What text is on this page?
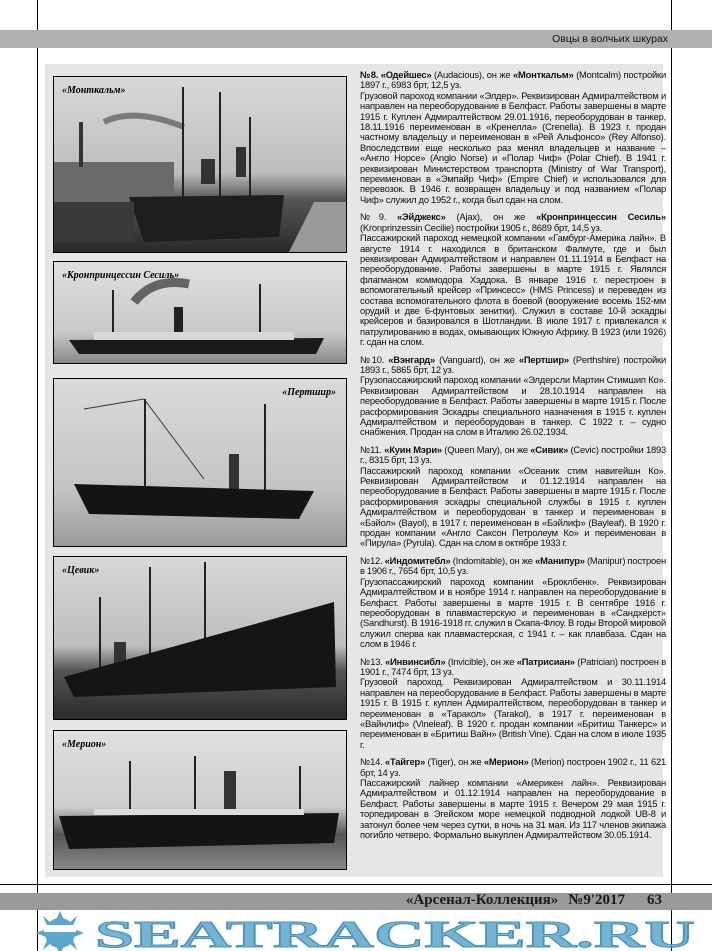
Овцы в волчьих шкурах
«Монткальм»
«Кронпринцессин Сесиль»
«Пертшир»
«Цевик»
«Мерион»

№8. «Одейшес» (Audacious), он же «Монткальм» (Montcalm) постройки 1897 г., 6983 брт, 12,5 уз.

Грузовой пароход компании «Элдер». Реквизирован Адмиралтейством и направлен на переоборудование в Белфаст. Работы завершены в марте 1915 г. Куплен Адмиралтейством 29.01.1916, переоборудован в танкер, 18.11.1916 переименован в «Кренелла» (Crenella). В 1923 г. продан частному владельцу и переименован в «Рей Альфонсо» (Rey Alfonso). Впоследствии еще несколько раз менял владельцев и название – «Англо Норсе» (Anglo Norse) и «Полар Чиф» (Polar Chief). В 1941 г. реквизирован Министерством транспорта (Ministry of War Transport), переименован в «Эмпайр Чиф» (Empire Chief) и использовался для перевозок. В 1946 г. возвращен владельцу и под названием «Полар Чиф» служил до 1952 г., когда был сдан на слом.

№9. «Эйджекс» (Ajax), он же «Кронпринцессин Сесиль» (Kronprinzessin Cecilie) постройки 1905 г., 8689 брт, 14,5 уз.

Пассажирский пароход немецкой компании «Гамбург-Америка лайн». В августе 1914 г. находился в британском Фалмуте, где и был реквизирован Адмиралтейством и направлен 01.11.1914 в Белфаст на переоборудование. Работы завершены в марте 1915 г. Являлся флагманом коммодора Хэддока. В январе 1916 г. перестроен в вспомогательный крейсер «Принсесс» (HMS Princess) и переведен из состава вспомогательного флота в боевой (вооружение восемь 152-мм орудий и две 6-фунтовых зенитки). Служил в составе 10-й эскадры крейсеров и базировался в Шотландии. В июле 1917 г. привлекался к патрулированию в водах, омывающих Южную Африку. В 1923 (или 1926) г. сдан на слом.

№10. «Вэнгард» (Vanguard), он же «Пертшир» (Perthshire) постройки 1893 г., 5865 брт, 12 уз.

Грузопассажирский пароход компании «Элдерсли Мартин Стимшип Ко». Реквизирован Адмиралтейством и 28.10.1914 направлен на переоборудование в Белфаст. Работы завершены в марте 1915 г. После расформирования Эскадры специального назначения в 1915 г. куплен Адмиралтейством и переоборудован в танкер. С 1922 г. – судно снабжения. Продан на слом в Италию 26.02.1934.

№11. «Куин Мэри» (Queen Mary), он же «Сивик» (Cevic) постройки 1893 г., 8315 брт, 13 уз.

Пассажирский пароход компании «Осеаник стим навигейшн Ко». Реквизирован Адмиралтейством и 01.12.1914 направлен на переоборудование в Белфаст. Работы завершены в марте 1915 г. После расформирования эскадры специальной службы в 1915 г. куплен Адмиралтейством и переоборудован в танкер и переименован в «Бэйол» (Bayol), в 1917 г. переименован в «Бэйлиф» (Bayleaf). В 1920 г. продан компании «Англо Саксон Петролеум Ко» и переименован в «Пирула» (Pyrula). Сдан на слом в октябре 1933 г.

№12. «Индомитебл» (Indomitable), он же «Манипур» (Manipur) построен в 1906 г., 7654 брт, 10,5 уз.

Грузопассажирский пароход компании «Броклбенк». Реквизирован Адмиралтейством и в ноябре 1914 г. направлен на переоборудование в Белфаст. Работы завершены в марте 1915 г. В сентябре 1916 г. переоборудован в плавмастерскую и переименован в «Сандхерст» (Sandhurst). В 1916-1918 гг. служил в Скапа-Флоу. В годы Второй мировой служил сперва как плавмастерская, с 1941 г. – как плавбаза. Сдан на слом в 1946 г.

№13. «Инвинсибл» (Invicible), он же «Патрисиан» (Patrician) построен в 1901 г., 7474 брт, 13 уз.

Грузовой пароход. Реквизирован Адмиралтейством и 30.11.1914 направлен на переоборудование в Белфаст. Работы завершены в марте 1915 г. В 1915 г. куплен Адмиралтейством, переоборудован в танкер и переименован в «Таракол» (Tarakol), в 1917 г. переименован в «Вайнлиф» (Vineleaf). В 1920 г. продан компании «Бритиш Танкерс» и переименован в «Бритиш Вайн» (British Vine). Сдан на слом в июле 1935 г.

№14. «Тайгер» (Tiger), он же «Мерион» (Merion) построен 1902 г., 11 621 брт, 14 уз.

Пассажирский лайнер компании «Америкен лайн». Реквизирован Адмиралтейством и 01.12.1914 направлен на переоборудование в Белфаст. Работы завершены в марте 1915 г. Вечером 29 мая 1915 г. торпедирован в Эгейском море немецкой подводной лодкой UB-8 и затонул более чем через сутки, в ночь на 31 мая. Из 117 членов экипажа погибло четверо. Формально выкуплен Адмиралтейством 30.05.1914.

«Арсенал-Коллекция» №9'2017 63
SEATRACKER.RU
